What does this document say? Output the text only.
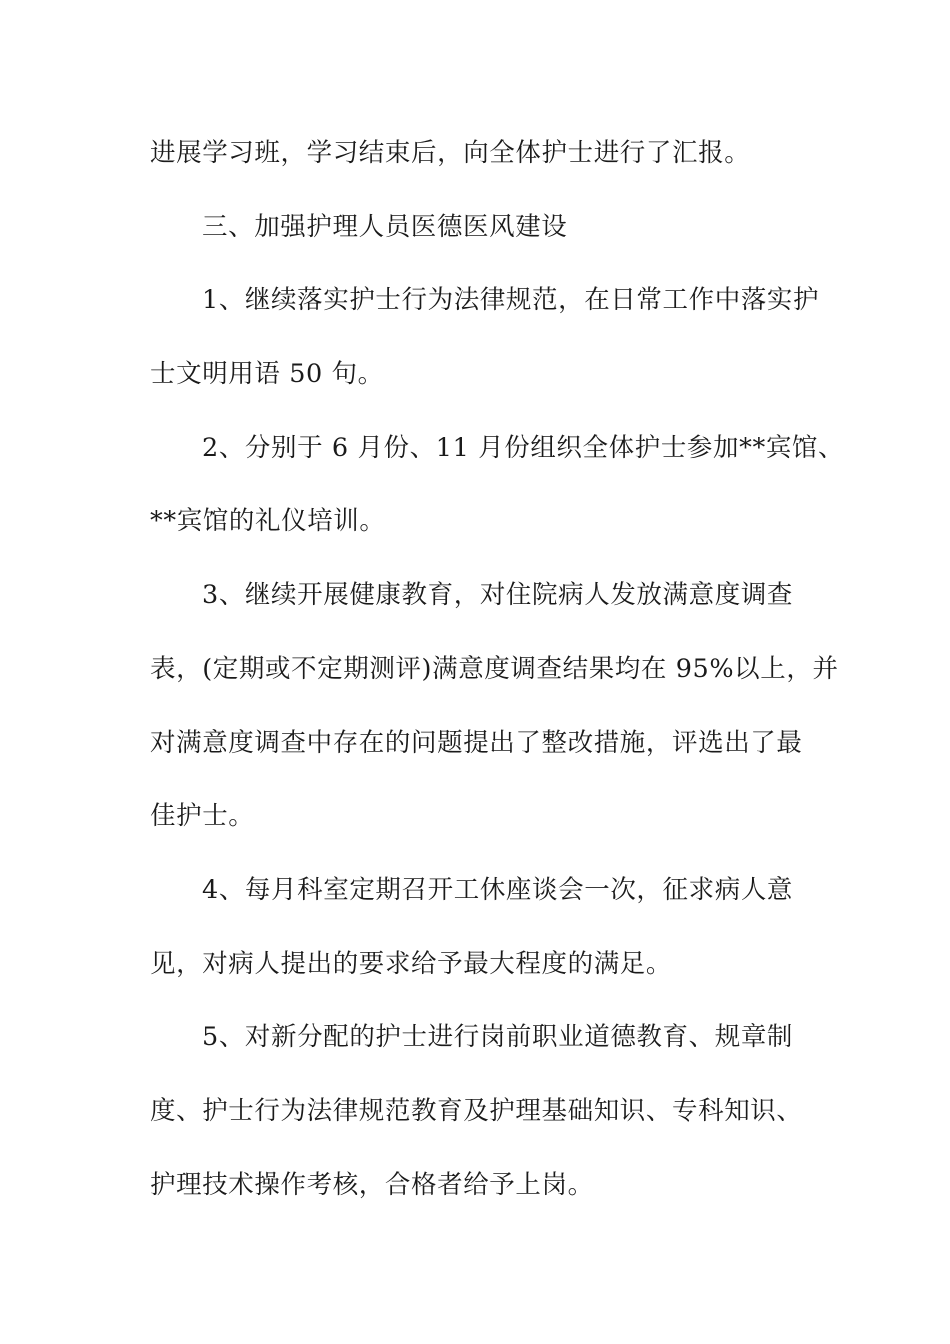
进展学习班，学习结束后，向全体护士进行了汇报。
三、加强护理人员医德医风建设
1、继续落实护士行为法律规范，在日常工作中落实护
士文明用语 50 句。
2、分别于 6 月份、11 月份组织全体护士参加**宾馆、
**宾馆的礼仪培训。
3、继续开展健康教育，对住院病人发放满意度调查
表，(定期或不定期测评)满意度调查结果均在 95%以上，并
对满意度调查中存在的问题提出了整改措施，评选出了最
佳护士。
4、每月科室定期召开工休座谈会一次，征求病人意
见，对病人提出的要求给予最大程度的满足。
5、对新分配的护士进行岗前职业道德教育、规章制
度、护士行为法律规范教育及护理基础知识、专科知识、
护理技术操作考核，合格者给予上岗。
